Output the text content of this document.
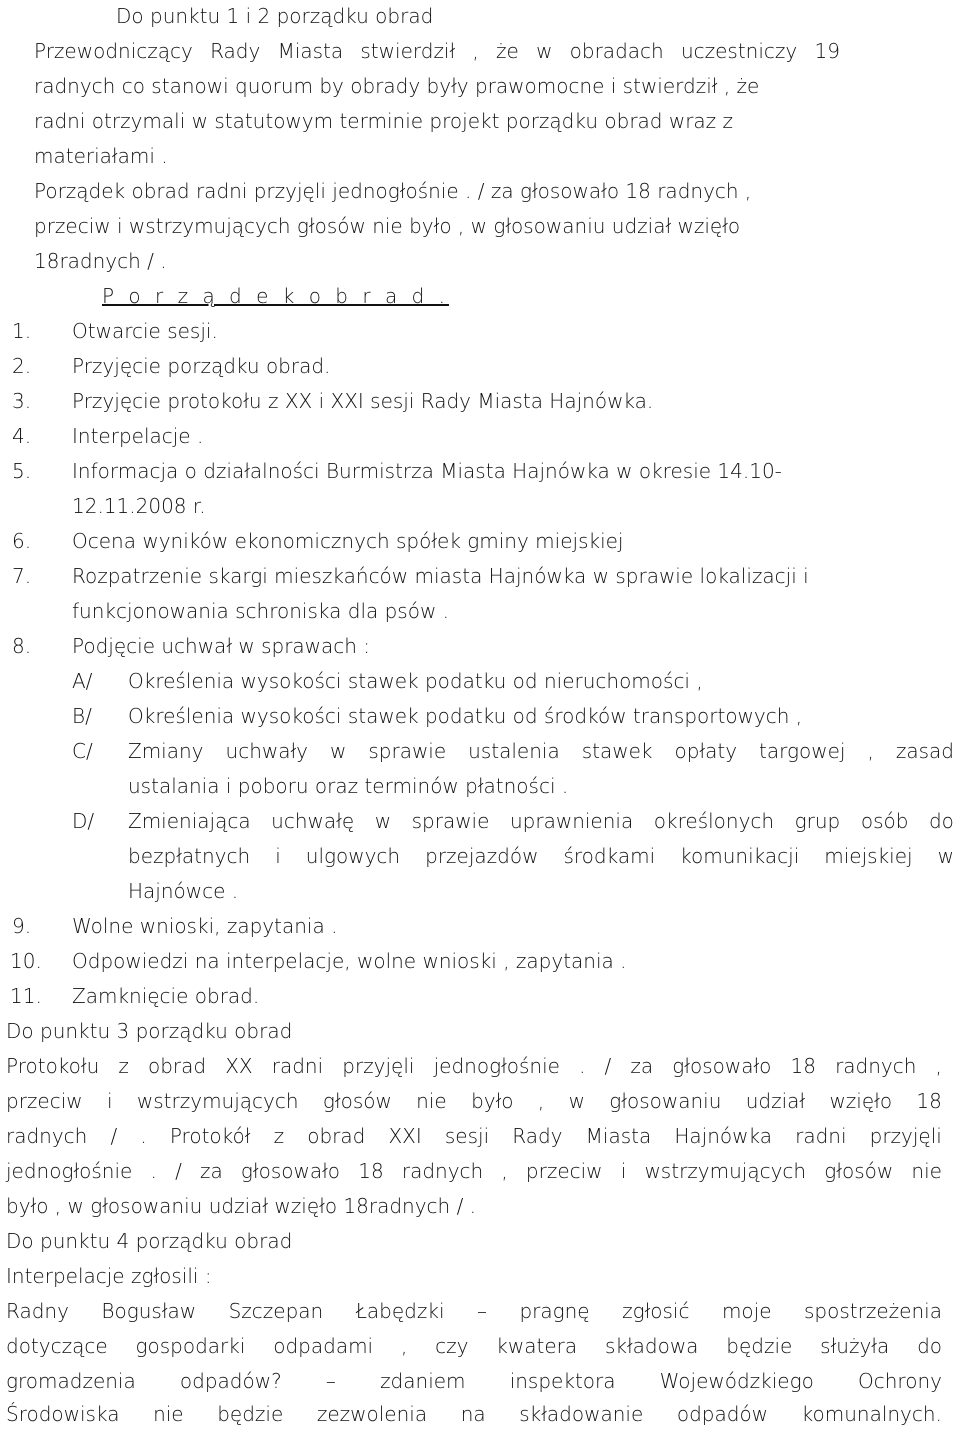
Do punktu 1 i 2 porządku obrad
Przewodniczący Rady Miasta stwierdził , że w obradach uczestniczy 19
radnych co stanowi quorum by obrady były prawomocne i stwierdził , że
radni otrzymali w statutowym terminie projekt porządku obrad wraz z
materiałami .
Porządek obrad radni przyjęli jednogłośnie . / za głosowało 18 radnych ,
przeciw i wstrzymujących głosów nie było , w głosowaniu udział wzięło
18radnych / .
P o r z ą d e k o b r a d .
1. Otwarcie sesji.
2. Przyjęcie porządku obrad.
3. Przyjęcie protokołu z XX i XXI sesji Rady Miasta Hajnówka.
4. Interpelacje .
5. Informacja o działalności Burmistrza Miasta Hajnówka w okresie 14.10-
12.11.2008 r.
6. Ocena wyników ekonomicznych spółek gminy miejskiej
7. Rozpatrzenie skargi mieszkańców miasta Hajnówka w sprawie lokalizacji i
funkcjonowania schroniska dla psów .
8. Podjęcie uchwał w sprawach :
A/ Określenia wysokości stawek podatku od nieruchomości ,
B/ Określenia wysokości stawek podatku od środków transportowych ,
C/ Zmiany uchwały w sprawie ustalenia stawek opłaty targowej , zasad
ustalania i poboru oraz terminów płatności .
D/ Zmieniająca uchwałę w sprawie uprawnienia określonych grup osób do
bezpłatnych i ulgowych przejazdów środkami komunikacji miejskiej w
Hajnówce .
9. Wolne wnioski, zapytania .
10. Odpowiedzi na interpelacje, wolne wnioski , zapytania .
11. Zamknięcie obrad.
Do punktu 3 porządku obrad
Protokołu z obrad XX radni przyjęli jednogłośnie . / za głosowało 18 radnych ,
przeciw i wstrzymujących głosów nie było , w głosowaniu udział wzięło 18
radnych / . Protokół z obrad XXI sesji Rady Miasta Hajnówka radni przyjęli
jednogłośnie . / za głosowało 18 radnych , przeciw i wstrzymujących głosów nie
było , w głosowaniu udział wzięło 18radnych / .
Do punktu 4 porządku obrad
Interpelacje zgłosili :
Radny Bogusław Szczepan Łabędzki – pragnę zgłosić moje spostrzeżenia
dotyczące gospodarki odpadami , czy kwatera składowa będzie służyła do
gromadzenia odpadów? – zdaniem inspektora Wojewódzkiego Ochrony
Środowiska nie będzie zezwolenia na składowanie odpadów komunalnych.
